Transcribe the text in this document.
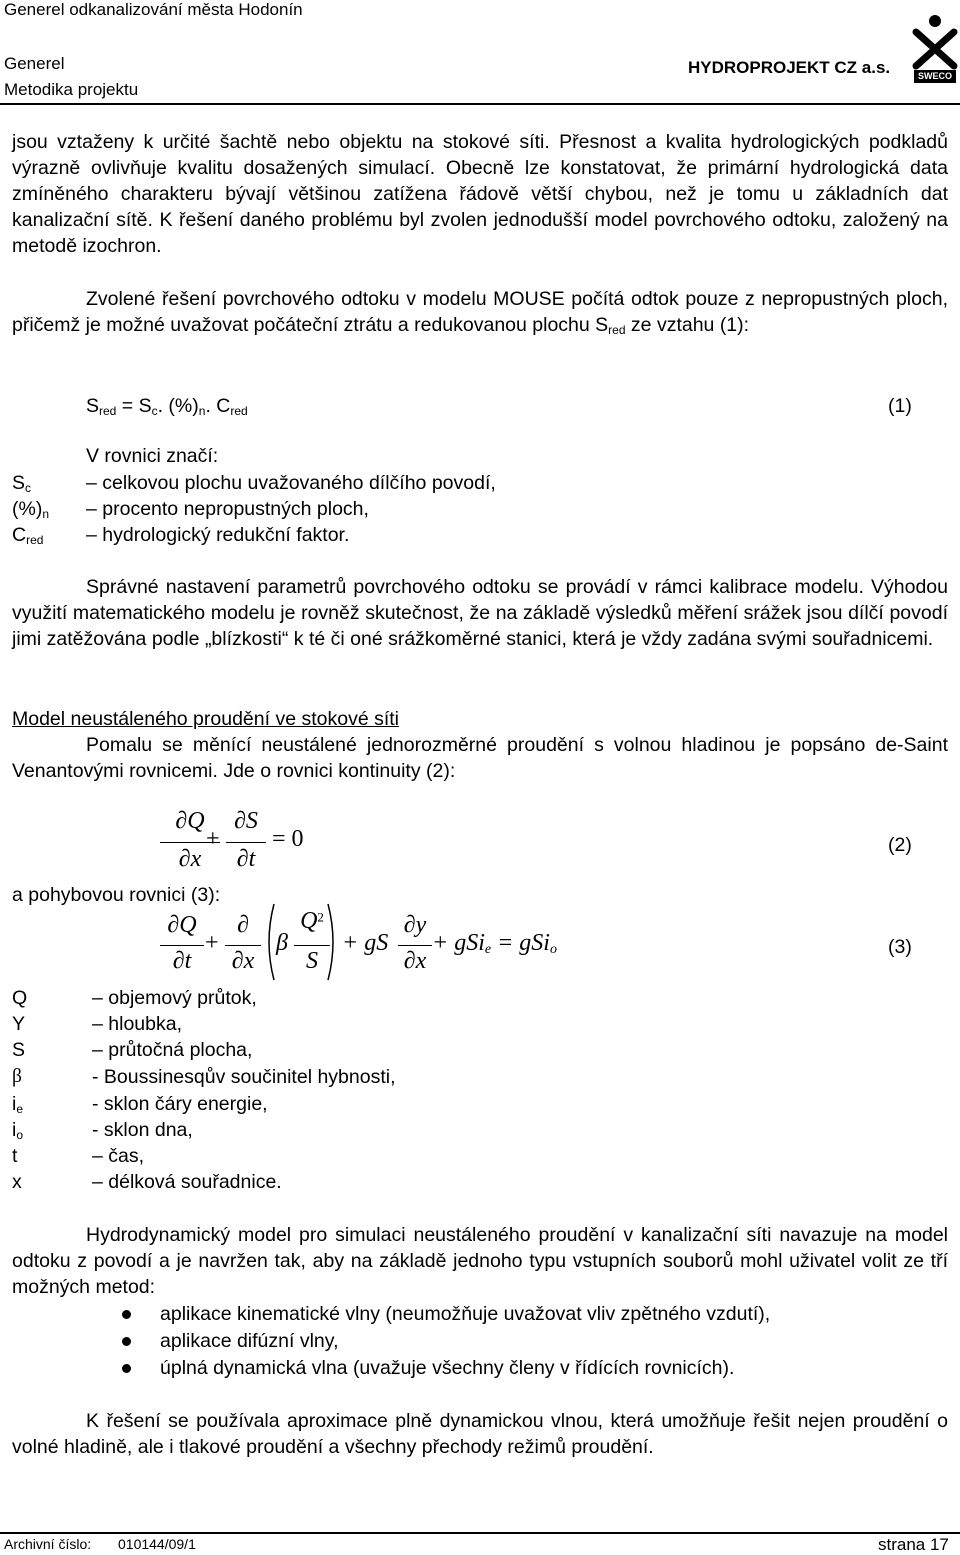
Generel odkanalizování města Hodonín
Generel
Metodika projektu
HYDROPROJEKT CZ a.s.	SWECO
jsou vztaženy k určité šachtě nebo objektu na stokové síti. Přesnost a kvalita hydrologických podkladů výrazně ovlivňuje kvalitu dosažených simulací. Obecně lze konstatovat, že primární hydrologická data zmíněného charakteru bývají většinou zatížena řádově větší chybou, než je tomu u základních dat kanalizační sítě. K řešení daného problému byl zvolen jednodušší model povrchového odtoku, založený na metodě izochron.
Zvolené řešení povrchového odtoku v modelu MOUSE počítá odtok pouze z nepropustných ploch, přičemž je možné uvažovat počáteční ztrátu a redukovanou plochu $S_{red}$ ze vztahu (1):
$S_{red} = S_c$. $(\%)_n$. $C_{red}$	(1)
V rovnici značí:
$S_c$	– celkovou plochu uvažovaného dílčího povodí,
$(\%)_n$ – procento nepropustných ploch,
$C_{red}$ – hydrologický redukční faktor.
Správné nastavení parametrů povrchového odtoku se provádí v rámci kalibrace modelu. Výhodou využití matematického modelu je rovněž skutečnost, že na základě výsledků měření srážek jsou dílčí povodí jimi zatěžována podle „blízkosti“ k té či oné srážkoměrné stanici, která je vždy zadána svými souřadnicemi.
Model neustáleného proudění ve stokové síti
Pomalu se měnící neustálené jednorozměrné proudění s volnou hladinou je popsáno de-Saint Venantovými rovnicemi. Jde o rovnici kontinuity (2):
∂Q
∂x
+
∂S
∂t
= 0	(2)
a pohybovou rovnici (3):
∂Q
∂t
+
∂
∂x
β
$Q^2$
S
+ gS
∂y
∂x
+ gSi$_e$ = gSi$_o$	(3)
Q	– objemový průtok,
Y	– hloubka,
S	– průtočná plocha,
β	- Boussinesqův součinitel hybnosti,
$i_e$	- sklon čáry energie,
$i_o$	- sklon dna,
t	– čas,
x	– délková souřadnice.
Hydrodynamický model pro simulaci neustáleného proudění v kanalizační síti navazuje na model odtoku z povodí a je navržen tak, aby na základě jednoho typu vstupních souborů mohl uživatel volit ze tří možných metod:
aplikace kinematické vlny (neumožňuje uvažovat vliv zpětného vzdutí),
aplikace difúzní vlny,
úplná dynamická vlna (uvažuje všechny členy v řídících rovnicích).
K řešení se používala aproximace plně dynamickou vlnou, která umožňuje řešit nejen proudění o volné hladině, ale i tlakové proudění a všechny přechody režimů proudění.
Archivní číslo: 010144/09/1	strana 17
